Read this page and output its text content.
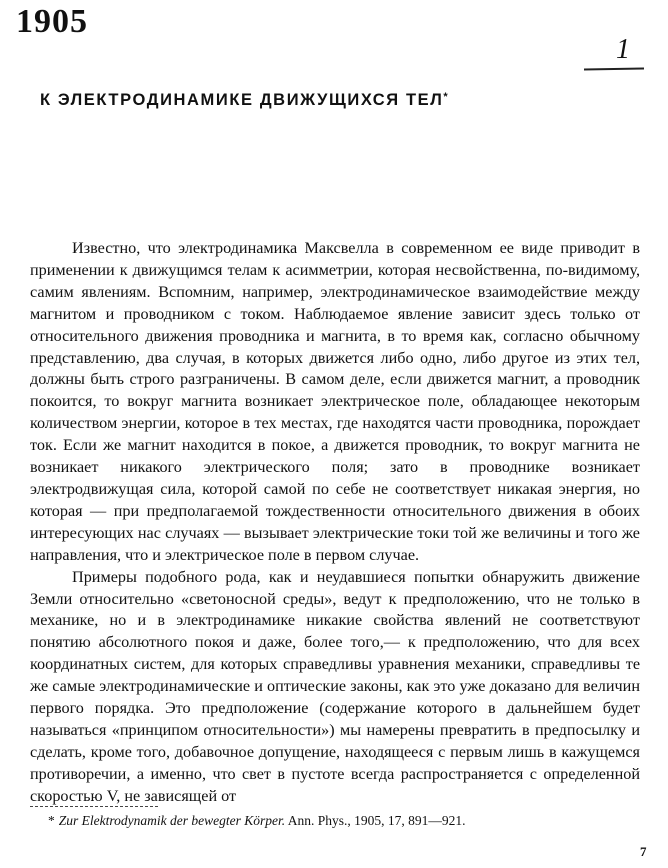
1905
1
К ЭЛЕКТРОДИНАМИКЕ ДВИЖУЩИХСЯ ТЕЛ*

Известно, что электродинамика Максвелла в современном ее виде приводит в применении к движущимся телам к асимметрии, которая несвойственна, по-видимому, самим явлениям. Вспомним, например, электродинамическое взаимодействие между магнитом и проводником с током. Наблюдаемое явление зависит здесь только от относительного движения проводника и магнита, в то время как, согласно обычному представлению, два случая, в которых движется либо одно, либо другое из этих тел, должны быть строго разграничены. В самом деле, если движется магнит, а проводник покоится, то вокруг магнита возникает электрическое поле, обладающее некоторым количеством энергии, которое в тех местах, где находятся части проводника, порождает ток. Если же магнит находится в покое, а движется проводник, то вокруг магнита не возникает никакого электрического поля; зато в проводнике возникает электродвижущая сила, которой самой по себе не соответствует никакая энергия, но которая — при предполагаемой тождественности относительного движения в обоих интересующих нас случаях — вызывает электрические токи той же величины и того же направления, что и электрическое поле в первом случае.

Примеры подобного рода, как и неудавшиеся попытки обнаружить движение Земли относительно «светоносной среды», ведут к предположению, что не только в механике, но и в электродинамике никакие свойства явлений не соответствуют понятию абсолютного покоя и даже, более того,— к предположению, что для всех координатных систем, для которых справедливы уравнения механики, справедливы те же самые электродинамические и оптические законы, как это уже доказано для величин первого порядка. Это предположение (содержание которого в дальнейшем будет называться «принципом относительности») мы намерены превратить в предпосылку и сделать, кроме того, добавочное допущение, находящееся с первым лишь в кажущемся противоречии, а именно, что свет в пустоте всегда распространяется с определенной скоростью V, не зависящей от

* Zur Elektrodynamik der bewegter Körper. Ann. Phys., 1905, 17, 891—921.
7
